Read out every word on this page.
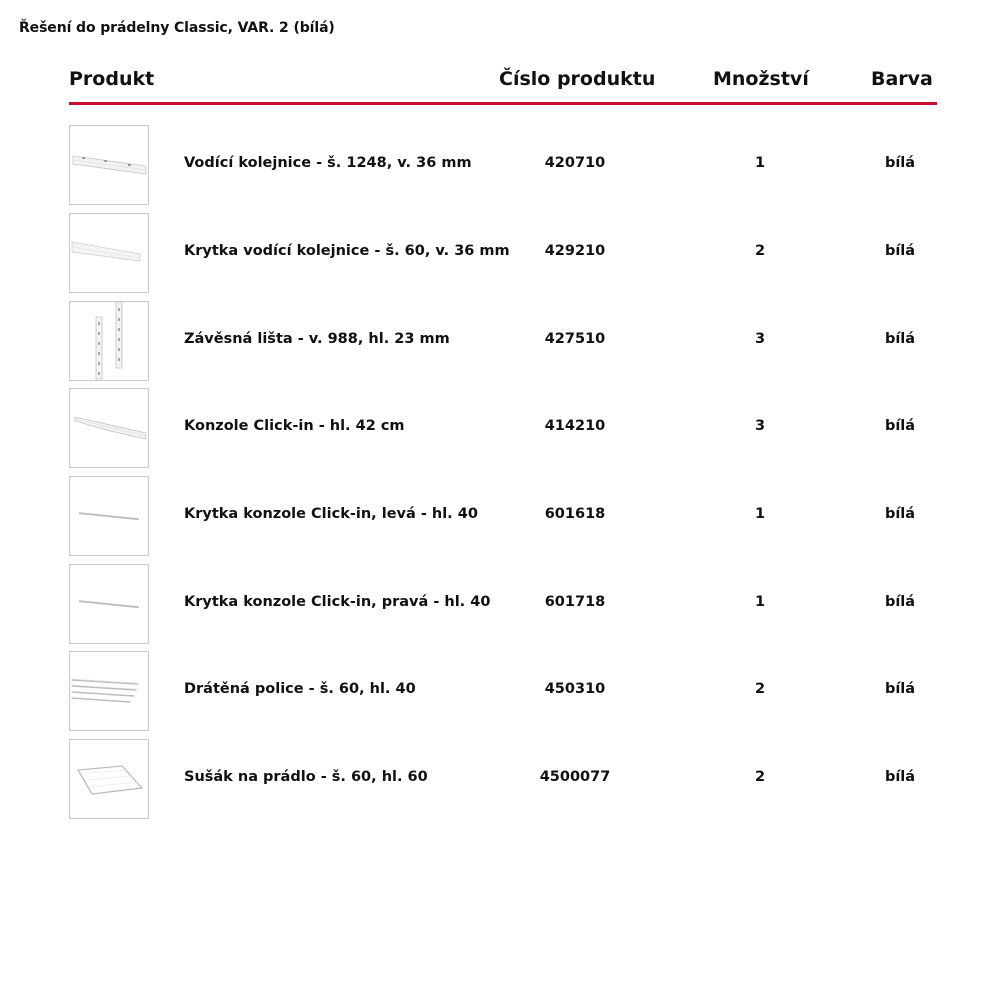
Řešení do prádelny Classic, VAR. 2 (bílá)
Produkt	Číslo produktu	Množství	Barva
Vodící kolejnice - š. 1248, v. 36 mm	420710	1	bílá
Krytka vodící kolejnice - š. 60, v. 36 mm	429210	2	bílá
Závěsná lišta - v. 988, hl. 23 mm	427510	3	bílá
Konzole Click-in - hl. 42 cm	414210	3	bílá
Krytka konzole Click-in, levá - hl. 40	601618	1	bílá
Krytka konzole Click-in, pravá - hl. 40	601718	1	bílá
Drátěná police - š. 60, hl. 40	450310	2	bílá
Sušák na prádlo - š. 60, hl. 60	4500077	2	bílá
